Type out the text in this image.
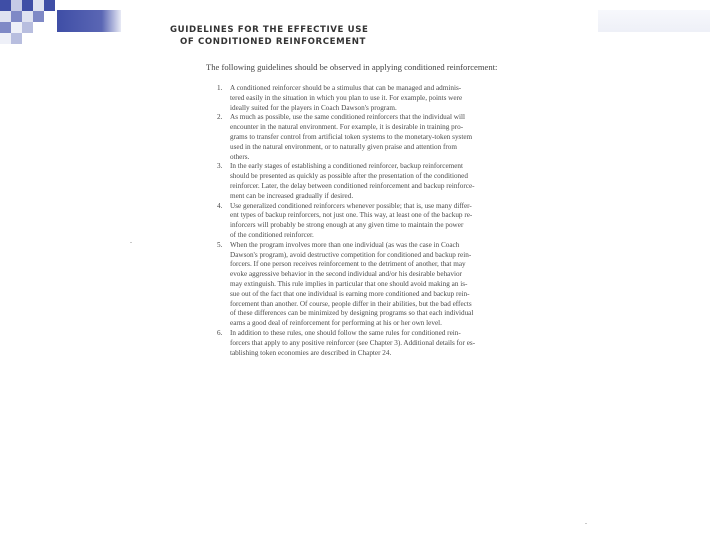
GUIDELINES FOR THE EFFECTIVE USE
OF CONDITIONED REINFORCEMENT

The following guidelines should be observed in applying conditioned reinforcement:

1. A conditioned reinforcer should be a stimulus that can be managed and adminis-
tered easily in the situation in which you plan to use it. For example, points were
ideally suited for the players in Coach Dawson's program.
2. As much as possible, use the same conditioned reinforcers that the individual will
encounter in the natural environment. For example, it is desirable in training pro-
grams to transfer control from artificial token systems to the monetary-token system
used in the natural environment, or to naturally given praise and attention from
others.
3. In the early stages of establishing a conditioned reinforcer, backup reinforcement
should be presented as quickly as possible after the presentation of the conditioned
reinforcer. Later, the delay between conditioned reinforcement and backup reinforce-
ment can be increased gradually if desired.
4. Use generalized conditioned reinforcers whenever possible; that is, use many differ-
ent types of backup reinforcers, not just one. This way, at least one of the backup re-
inforcers will probably be strong enough at any given time to maintain the power
of the conditioned reinforcer.
5. When the program involves more than one individual (as was the case in Coach
Dawson's program), avoid destructive competition for conditioned and backup rein-
forcers. If one person receives reinforcement to the detriment of another, that may
evoke aggressive behavior in the second individual and/or his desirable behavior
may extinguish. This rule implies in particular that one should avoid making an is-
sue out of the fact that one individual is earning more conditioned and backup rein-
forcement than another. Of course, people differ in their abilities, but the bad effects
of these differences can be minimized by designing programs so that each individual
earns a good deal of reinforcement for performing at his or her own level.
6. In addition to these rules, one should follow the same rules for conditioned rein-
forcers that apply to any positive reinforcer (see Chapter 3). Additional details for es-
tablishing token economies are described in Chapter 24.
